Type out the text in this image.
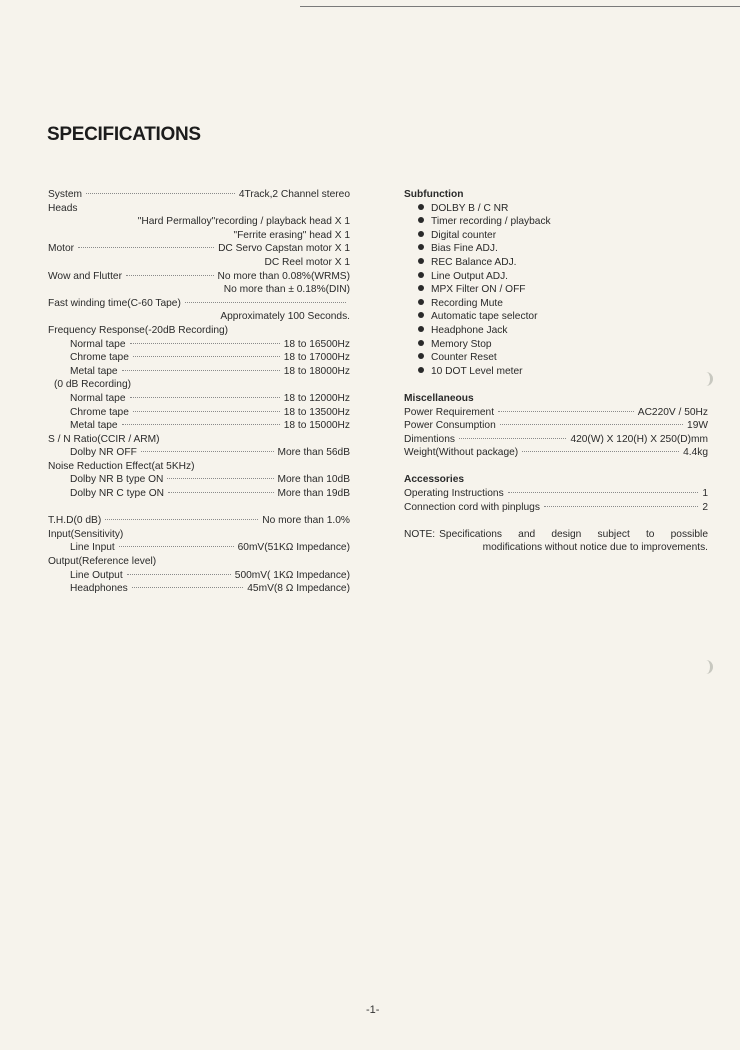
SPECIFICATIONS
System	4Track,2 Channel stereo
Heads
"Hard Permalloy"recording / playback head X 1
"Ferrite erasing" head X 1
Motor	DC Servo Capstan motor X 1
DC Reel motor X 1
Wow and Flutter	No more than 0.08%(WRMS)
No more than ± 0.18%(DIN)
Fast winding time(C-60 Tape)
Approximately 100 Seconds.
Frequency Response(-20dB Recording)
Normal tape	18 to 16500Hz
Chrome tape	18 to 17000Hz
Metal tape	18 to 18000Hz
(0 dB Recording)
Normal tape	18 to 12000Hz
Chrome tape	18 to 13500Hz
Metal tape	18 to 15000Hz
S / N Ratio(CCIR / ARM)
Dolby NR OFF	More than 56dB
Noise Reduction Effect(at 5KHz)
Dolby NR B type ON	More than 10dB
Dolby NR C type ON	More than 19dB
T.H.D(0 dB)	No more than 1.0%
Input(Sensitivity)
Line Input	60mV(51KΩ Impedance)
Output(Reference level)
Line Output	500mV( 1KΩ Impedance)
Headphones	45mV(8 Ω Impedance)
Subfunction
DOLBY B / C NR
Timer recording / playback
Digital counter
Bias Fine ADJ.
REC Balance ADJ.
Line Output ADJ.
MPX Filter ON / OFF
Recording Mute
Automatic tape selector
Headphone Jack
Memory Stop
Counter Reset
10 DOT Level meter
Miscellaneous
Power Requirement	AC220V / 50Hz
Power Consumption	19W
Dimentions	420(W) X 120(H) X 250(D)mm
Weight(Without package)	4.4kg
Accessories
Operating Instructions	1
Connection cord with pinplugs	2
NOTE: Specifications and design subject to possible
modifications without notice due to improvements.
-1-
